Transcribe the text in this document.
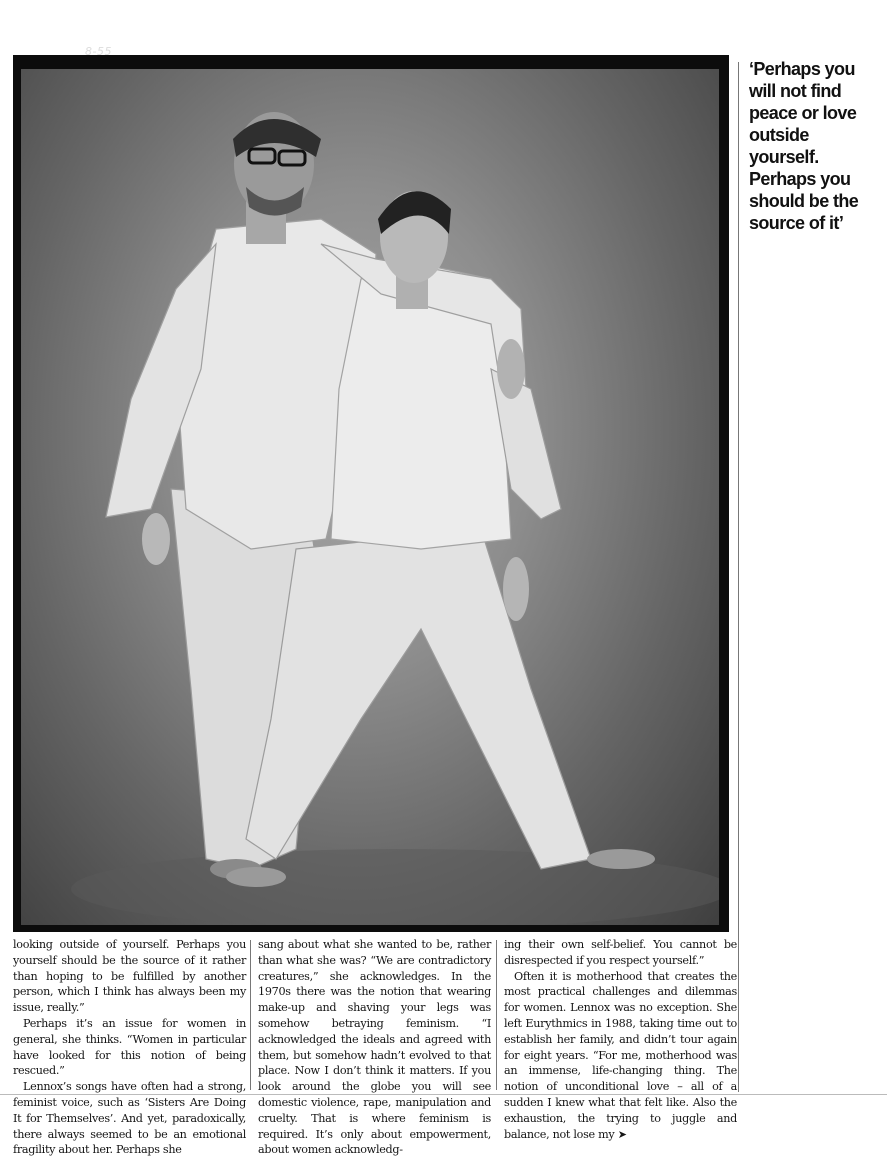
8-55
‘Perhaps you will not find peace or love outside yourself. Perhaps you should be the source of it’

looking outside of yourself. Perhaps you yourself should be the source of it rather than hoping to be fulfilled by another person, which I think has always been my issue, really.”

Perhaps it’s an issue for women in general, she thinks. “Women in particular have looked for this notion of being rescued.”

Lennox’s songs have often had a strong, feminist voice, such as ‘Sisters Are Doing It for Themselves’. And yet, paradoxically, there always seemed to be an emotional fragility about her. Perhaps she

sang about what she wanted to be, rather than what she was? “We are contradictory creatures,” she acknowledges. In the 1970s there was the notion that wearing make-up and shaving your legs was somehow betraying feminism. “I acknowledged the ideals and agreed with them, but somehow hadn’t evolved to that place. Now I don’t think it matters. If you look around the globe you will see domestic violence, rape, manipulation and cruelty. That is where feminism is required. It’s only about empowerment, about women acknowledg-

ing their own self-belief. You cannot be disrespected if you respect yourself.”

Often it is motherhood that creates the most practical challenges and dilemmas for women. Lennox was no exception. She left Eurythmics in 1988, taking time out to establish her family, and didn’t tour again for eight years. “For me, motherhood was an immense, life-changing thing. The notion of unconditional love – all of a sudden I knew what that felt like. Also the exhaustion, the trying to juggle and balance, not lose my ➤
